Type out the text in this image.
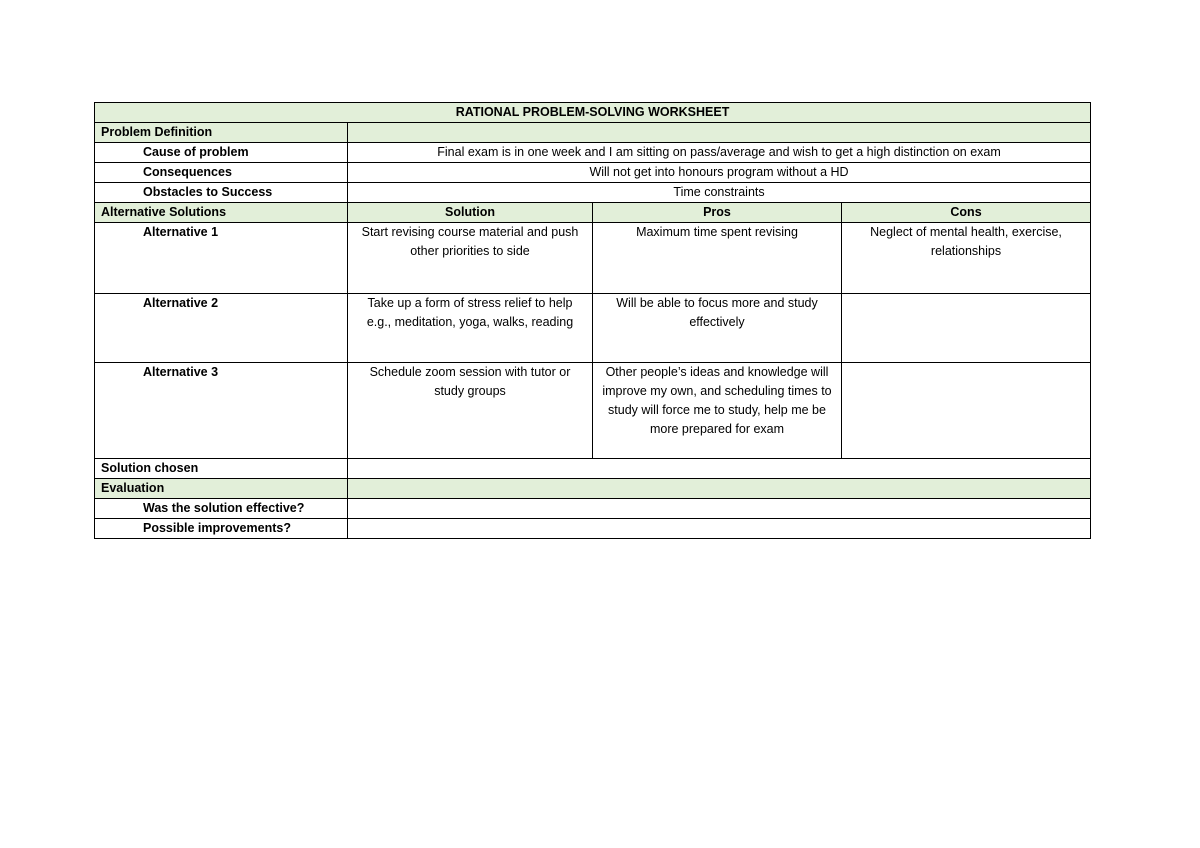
RATIONAL PROBLEM-SOLVING WORKSHEET			
Problem Definition			
Cause of problem	Final exam is in one week and I am sitting on pass/average and wish to get a high distinction on exam		
Consequences	Will not get into honours program without a HD		
Obstacles to Success	Time constraints		
Alternative Solutions	Solution	Pros	Cons
Alternative 1	Start revising course material and push other priorities to side	Maximum time spent revising	Neglect of mental health, exercise, relationships
Alternative 2	Take up a form of stress relief to help e.g., meditation, yoga, walks, reading	Will be able to focus more and study effectively	
Alternative 3	Schedule zoom session with tutor or study groups	Other people’s ideas and knowledge will improve my own, and scheduling times to study will force me to study, help me be more prepared for exam	
Solution chosen			
Evaluation			
Was the solution effective?			
Possible improvements?			
